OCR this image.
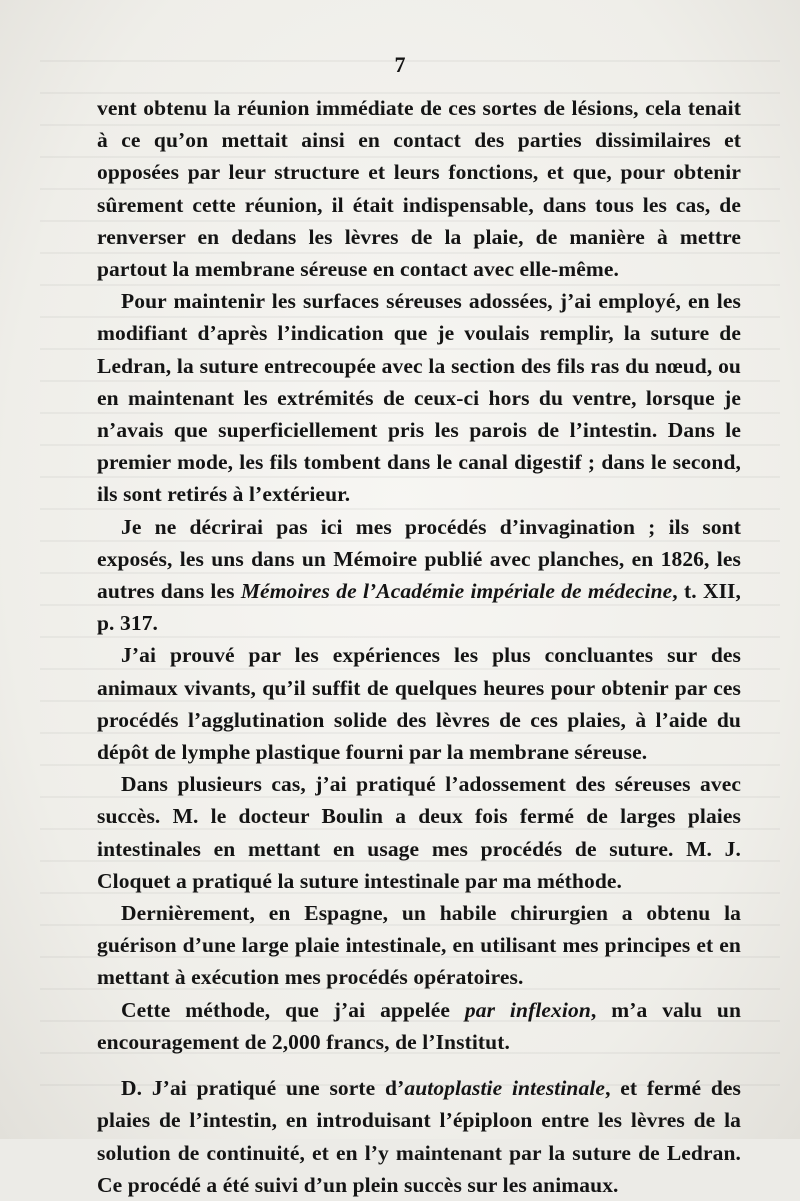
7

vent obtenu la réunion immédiate de ces sortes de lésions, cela tenait à ce qu’on mettait ainsi en contact des parties dissimilaires et opposées par leur structure et leurs fonctions, et que, pour obtenir sûrement cette réunion, il était indispensable, dans tous les cas, de renverser en dedans les lèvres de la plaie, de manière à mettre partout la membrane séreuse en contact avec elle-même.

Pour maintenir les surfaces séreuses adossées, j’ai employé, en les modifiant d’après l’indication que je voulais remplir, la suture de Ledran, la suture entrecoupée avec la section des fils ras du nœud, ou en maintenant les extrémités de ceux-ci hors du ventre, lorsque je n’avais que superficiellement pris les parois de l’intestin. Dans le premier mode, les fils tombent dans le canal digestif ; dans le second, ils sont retirés à l’extérieur.

Je ne décrirai pas ici mes procédés d’invagination ; ils sont exposés, les uns dans un Mémoire publié avec planches, en 1826, les autres dans les Mémoires de l’Académie impériale de médecine, t. XII, p. 317.

J’ai prouvé par les expériences les plus concluantes sur des animaux vivants, qu’il suffit de quelques heures pour obtenir par ces procédés l’agglutination solide des lèvres de ces plaies, à l’aide du dépôt de lymphe plastique fourni par la membrane séreuse.

Dans plusieurs cas, j’ai pratiqué l’adossement des séreuses avec succès. M. le docteur Boulin a deux fois fermé de larges plaies intestinales en mettant en usage mes procédés de suture. M. J. Cloquet a pratiqué la suture intestinale par ma méthode.

Dernièrement, en Espagne, un habile chirurgien a obtenu la guérison d’une large plaie intestinale, en utilisant mes principes et en mettant à exécution mes procédés opératoires.

Cette méthode, que j’ai appelée par inflexion, m’a valu un encouragement de 2,000 francs, de l’Institut.

D. J’ai pratiqué une sorte d’autoplastie intestinale, et fermé des plaies de l’intestin, en introduisant l’épiploon entre les lèvres de la solution de continuité, et en l’y maintenant par la suture de Ledran. Ce procédé a été suivi d’un plein succès sur les animaux.
